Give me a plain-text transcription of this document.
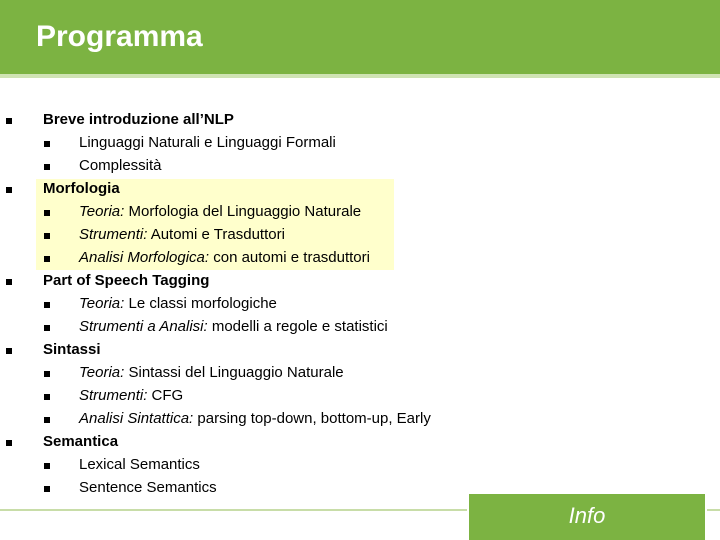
Programma
Breve introduzione all’NLP
Linguaggi Naturali e Linguaggi Formali
Complessità
Morfologia
Teoria: Morfologia del Linguaggio Naturale
Strumenti: Automi e Trasduttori
Analisi Morfologica: con automi e trasduttori
Part of Speech Tagging
Teoria: Le classi morfologiche
Strumenti a Analisi: modelli a regole e statistici
Sintassi
Teoria: Sintassi del Linguaggio Naturale
Strumenti: CFG
Analisi Sintattica: parsing top-down, bottom-up, Early
Semantica
Lexical Semantics
Sentence Semantics
Info
